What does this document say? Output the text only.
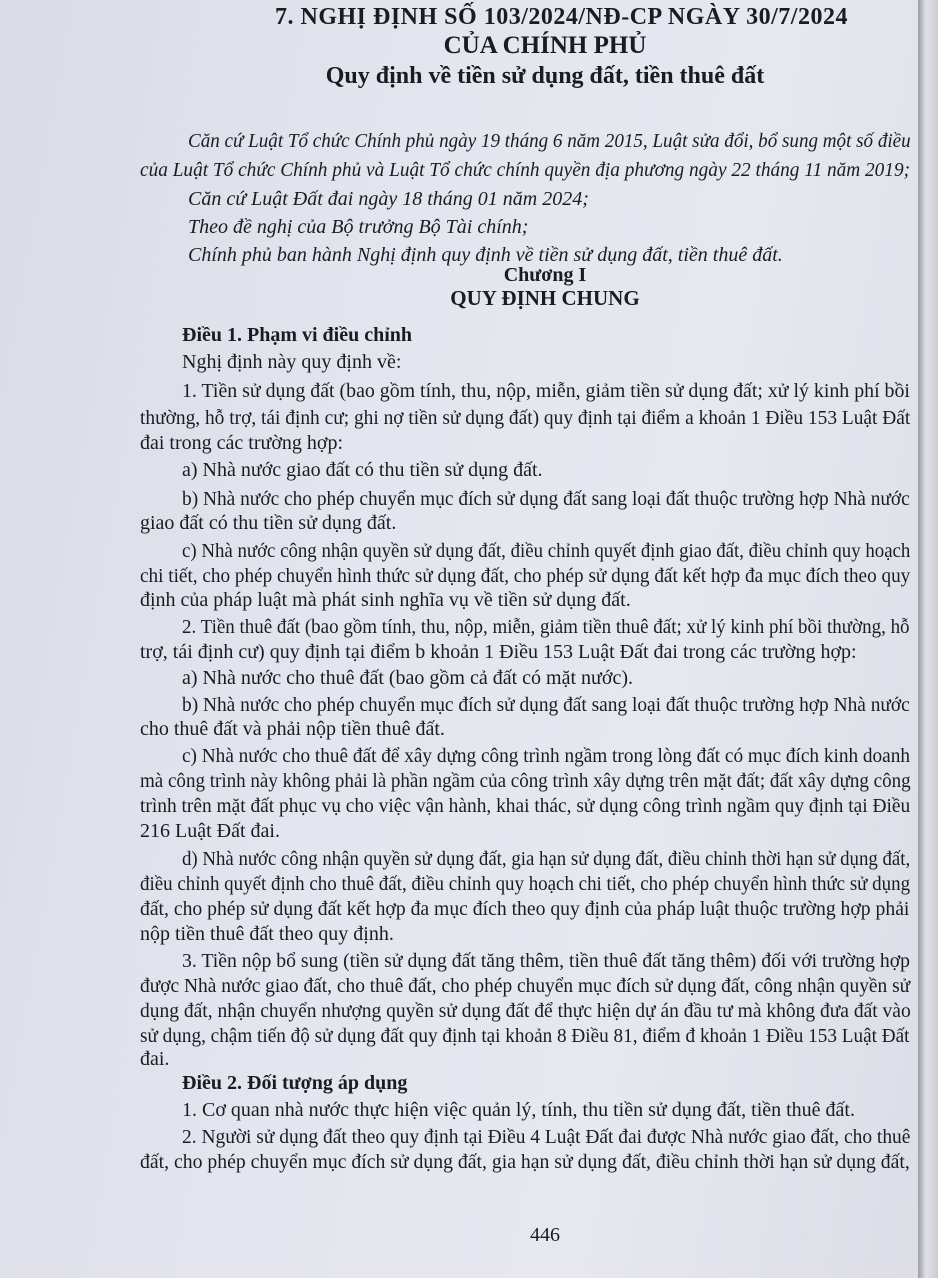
7. NGHỊ ĐỊNH SỐ 103/2024/NĐ-CP NGÀY 30/7/2024
CỦA CHÍNH PHỦ
Quy định về tiền sử dụng đất, tiền thuê đất
Căn cứ Luật Tổ chức Chính phủ ngày 19 tháng 6 năm 2015, Luật sửa đổi, bổ sung một số điều
của Luật Tổ chức Chính phủ và Luật Tổ chức chính quyền địa phương ngày 22 tháng 11 năm 2019;
Căn cứ Luật Đất đai ngày 18 tháng 01 năm 2024;
Theo đề nghị của Bộ trưởng Bộ Tài chính;
Chính phủ ban hành Nghị định quy định về tiền sử dụng đất, tiền thuê đất.
Chương I
QUY ĐỊNH CHUNG
Điều 1. Phạm vi điều chỉnh
Nghị định này quy định về:
1. Tiền sử dụng đất (bao gồm tính, thu, nộp, miễn, giảm tiền sử dụng đất; xử lý kinh phí bồi
thường, hỗ trợ, tái định cư; ghi nợ tiền sử dụng đất) quy định tại điểm a khoản 1 Điều 153 Luật Đất
đai trong các trường hợp:
a) Nhà nước giao đất có thu tiền sử dụng đất.
b) Nhà nước cho phép chuyển mục đích sử dụng đất sang loại đất thuộc trường hợp Nhà nước
giao đất có thu tiền sử dụng đất.
c) Nhà nước công nhận quyền sử dụng đất, điều chỉnh quyết định giao đất, điều chỉnh quy hoạch
chi tiết, cho phép chuyển hình thức sử dụng đất, cho phép sử dụng đất kết hợp đa mục đích theo quy
định của pháp luật mà phát sinh nghĩa vụ về tiền sử dụng đất.
2. Tiền thuê đất (bao gồm tính, thu, nộp, miễn, giảm tiền thuê đất; xử lý kinh phí bồi thường, hỗ
trợ, tái định cư) quy định tại điểm b khoản 1 Điều 153 Luật Đất đai trong các trường hợp:
a) Nhà nước cho thuê đất (bao gồm cả đất có mặt nước).
b) Nhà nước cho phép chuyển mục đích sử dụng đất sang loại đất thuộc trường hợp Nhà nước
cho thuê đất và phải nộp tiền thuê đất.
c) Nhà nước cho thuê đất để xây dựng công trình ngầm trong lòng đất có mục đích kinh doanh
mà công trình này không phải là phần ngầm của công trình xây dựng trên mặt đất; đất xây dựng công
trình trên mặt đất phục vụ cho việc vận hành, khai thác, sử dụng công trình ngầm quy định tại Điều
216 Luật Đất đai.
d) Nhà nước công nhận quyền sử dụng đất, gia hạn sử dụng đất, điều chỉnh thời hạn sử dụng đất,
điều chỉnh quyết định cho thuê đất, điều chỉnh quy hoạch chi tiết, cho phép chuyển hình thức sử dụng
đất, cho phép sử dụng đất kết hợp đa mục đích theo quy định của pháp luật thuộc trường hợp phải
nộp tiền thuê đất theo quy định.
3. Tiền nộp bổ sung (tiền sử dụng đất tăng thêm, tiền thuê đất tăng thêm) đối với trường hợp
được Nhà nước giao đất, cho thuê đất, cho phép chuyển mục đích sử dụng đất, công nhận quyền sử
dụng đất, nhận chuyển nhượng quyền sử dụng đất để thực hiện dự án đầu tư mà không đưa đất vào
sử dụng, chậm tiến độ sử dụng đất quy định tại khoản 8 Điều 81, điểm đ khoản 1 Điều 153 Luật Đất
đai.
Điều 2. Đối tượng áp dụng
1. Cơ quan nhà nước thực hiện việc quản lý, tính, thu tiền sử dụng đất, tiền thuê đất.
2. Người sử dụng đất theo quy định tại Điều 4 Luật Đất đai được Nhà nước giao đất, cho thuê
đất, cho phép chuyển mục đích sử dụng đất, gia hạn sử dụng đất, điều chỉnh thời hạn sử dụng đất,
446
